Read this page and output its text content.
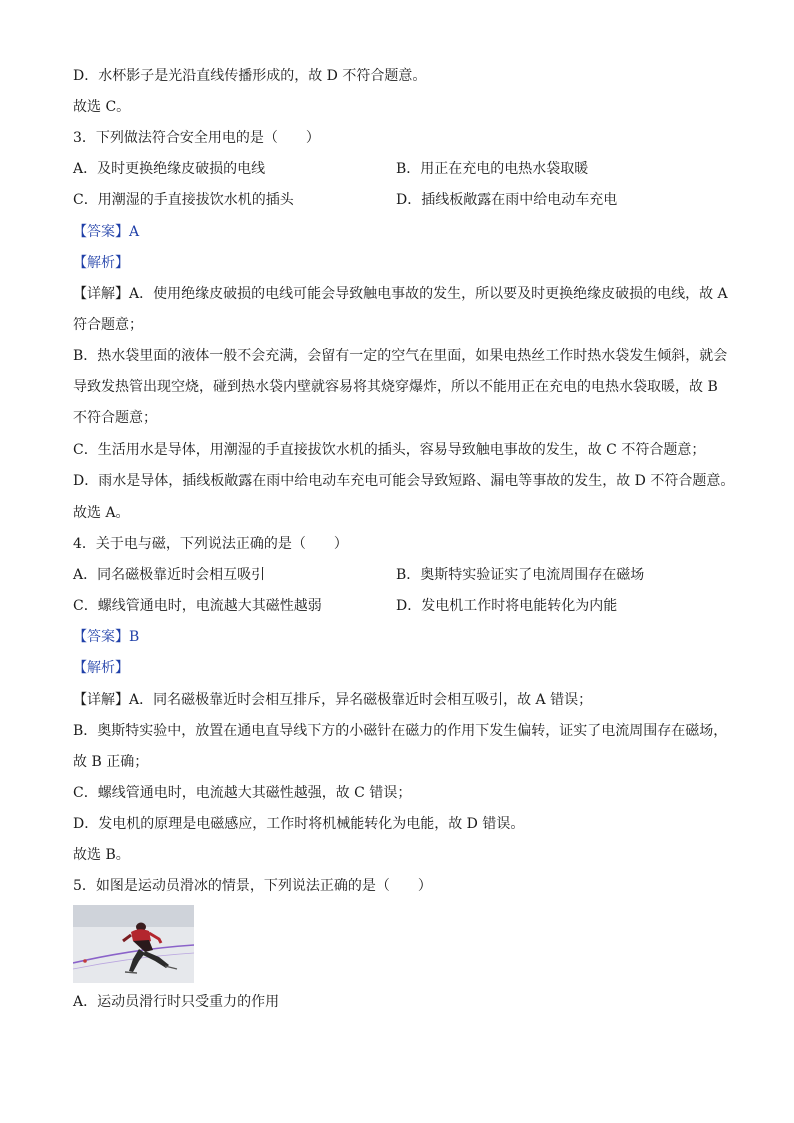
D．水杯影子是光沿直线传播形成的，故 D 不符合题意。
故选 C。
3．下列做法符合安全用电的是（　　）
A．及时更换绝缘皮破损的电线	B．用正在充电的电热水袋取暖
C．用潮湿的手直接拔饮水机的插头	D．插线板敞露在雨中给电动车充电
【答案】A
【解析】
【详解】A．使用绝缘皮破损的电线可能会导致触电事故的发生，所以要及时更换绝缘皮破损的电线，故 A
符合题意；
B．热水袋里面的液体一般不会充满，会留有一定的空气在里面，如果电热丝工作时热水袋发生倾斜，就会
导致发热管出现空烧，碰到热水袋内壁就容易将其烧穿爆炸，所以不能用正在充电的电热水袋取暖，故 B
不符合题意；
C．生活用水是导体，用潮湿的手直接拔饮水机的插头，容易导致触电事故的发生，故 C 不符合题意；
D．雨水是导体，插线板敞露在雨中给电动车充电可能会导致短路、漏电等事故的发生，故 D 不符合题意。
故选 A。
4．关于电与磁，下列说法正确的是（　　）
A．同名磁极靠近时会相互吸引	B．奥斯特实验证实了电流周围存在磁场
C．螺线管通电时，电流越大其磁性越弱	D．发电机工作时将电能转化为内能
【答案】B
【解析】
【详解】A．同名磁极靠近时会相互排斥，异名磁极靠近时会相互吸引，故 A 错误；
B．奥斯特实验中，放置在通电直导线下方的小磁针在磁力的作用下发生偏转，证实了电流周围存在磁场，
故 B 正确；
C．螺线管通电时，电流越大其磁性越强，故 C 错误；
D．发电机的原理是电磁感应，工作时将机械能转化为电能，故 D 错误。
故选 B。
5．如图是运动员滑冰的情景，下列说法正确的是（　　）
A．运动员滑行时只受重力的作用
